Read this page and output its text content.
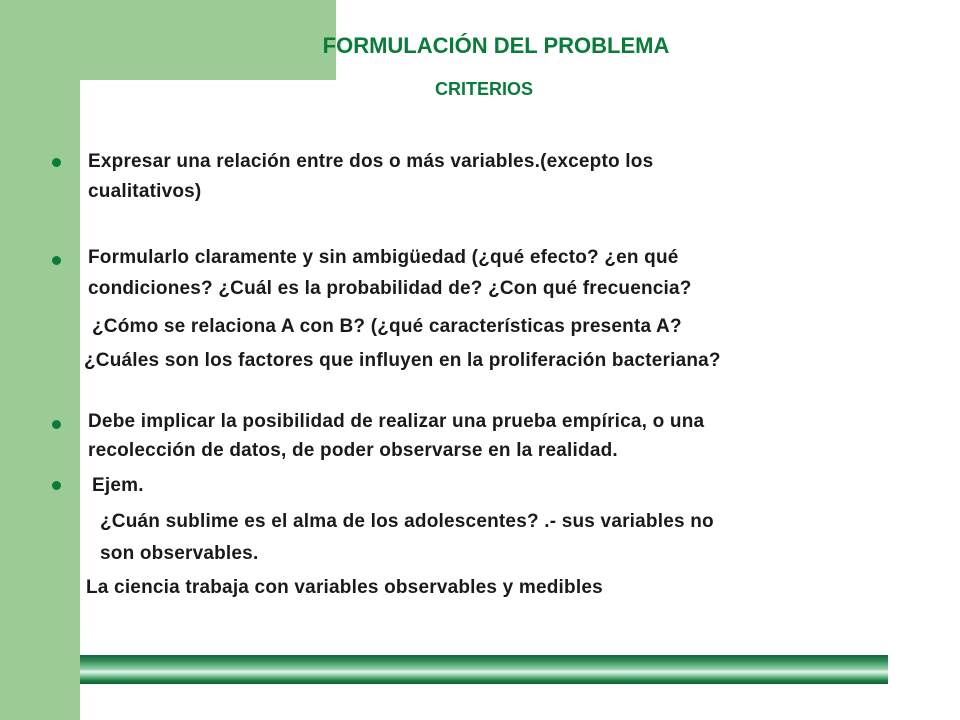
FORMULACIÓN DEL PROBLEMA
CRITERIOS
Expresar una relación entre dos o más variables.(excepto los
cualitativos)
Formularlo claramente y sin ambigüedad (¿qué efecto? ¿en qué
condiciones? ¿Cuál es la probabilidad de? ¿Con qué frecuencia?
¿Cómo se relaciona A con B? (¿qué características presenta A?
¿Cuáles son los factores que influyen en la proliferación bacteriana?
Debe implicar la posibilidad de realizar una prueba empírica, o una
recolección de datos, de poder observarse en la realidad.
Ejem.
¿Cuán sublime es el alma de los adolescentes? .- sus variables no
son observables.
La ciencia trabaja con variables observables y medibles
